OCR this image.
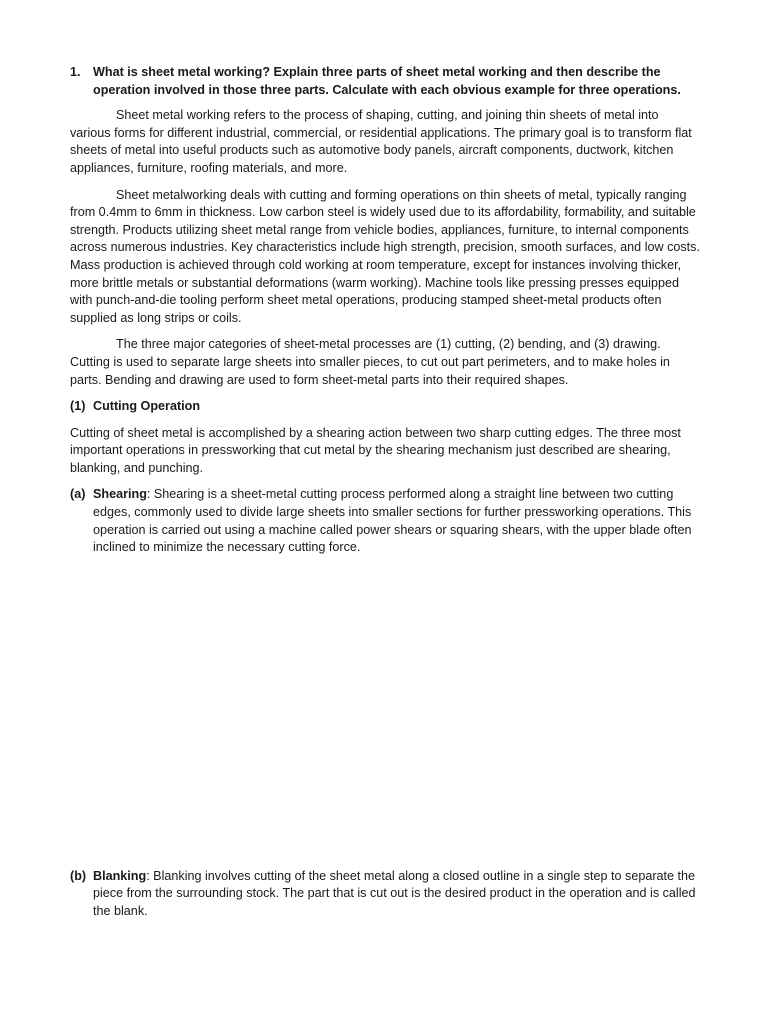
1. What is sheet metal working? Explain three parts of sheet metal working and then describe the operation involved in those three parts. Calculate with each obvious example for three operations.

Sheet metal working refers to the process of shaping, cutting, and joining thin sheets of metal into various forms for different industrial, commercial, or residential applications. The primary goal is to transform flat sheets of metal into useful products such as automotive body panels, aircraft components, ductwork, kitchen appliances, furniture, roofing materials, and more.

Sheet metalworking deals with cutting and forming operations on thin sheets of metal, typically ranging from 0.4mm to 6mm in thickness. Low carbon steel is widely used due to its affordability, formability, and suitable strength. Products utilizing sheet metal range from vehicle bodies, appliances, furniture, to internal components across numerous industries. Key characteristics include high strength, precision, smooth surfaces, and low costs. Mass production is achieved through cold working at room temperature, except for instances involving thicker, more brittle metals or substantial deformations (warm working). Machine tools like pressing presses equipped with punch-and-die tooling perform sheet metal operations, producing stamped sheet-metal products often supplied as long strips or coils.

The three major categories of sheet-metal processes are (1) cutting, (2) bending, and (3) drawing. Cutting is used to separate large sheets into smaller pieces, to cut out part perimeters, and to make holes in parts. Bending and drawing are used to form sheet-metal parts into their required shapes.

(1) Cutting Operation

Cutting of sheet metal is accomplished by a shearing action between two sharp cutting edges. The three most important operations in pressworking that cut metal by the shearing mechanism just described are shearing, blanking, and punching.

(a) Shearing: Shearing is a sheet-metal cutting process performed along a straight line between two cutting edges, commonly used to divide large sheets into smaller sections for further pressworking operations. This operation is carried out using a machine called power shears or squaring shears, with the upper blade often inclined to minimize the necessary cutting force.
(b) Blanking: Blanking involves cutting of the sheet metal along a closed outline in a single step to separate the piece from the surrounding stock. The part that is cut out is the desired product in the operation and is called the blank.
